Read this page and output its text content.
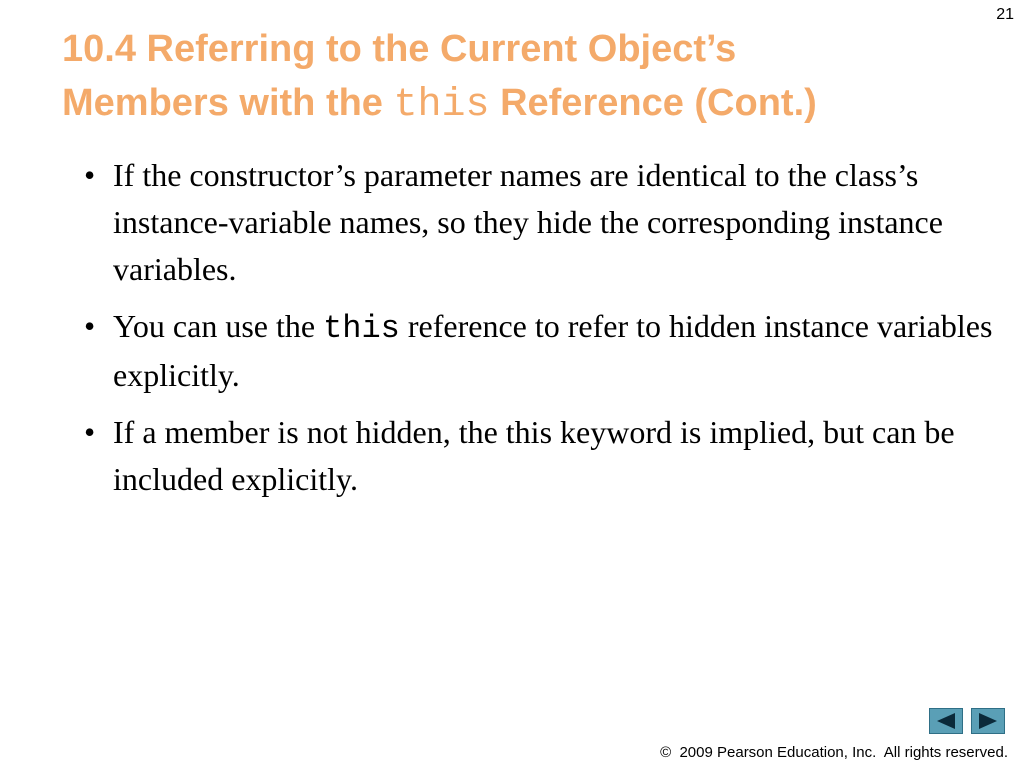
21
10.4 Referring to the Current Object’s
Members with the this Reference (Cont.)
• If the constructor’s parameter names are identical to the class’s instance-variable names, so they hide the corresponding instance variables.
• You can use the this reference to refer to hidden instance variables explicitly.
• If a member is not hidden, the this keyword is implied, but can be included explicitly.
©  2009 Pearson Education, Inc.  All rights reserved.
